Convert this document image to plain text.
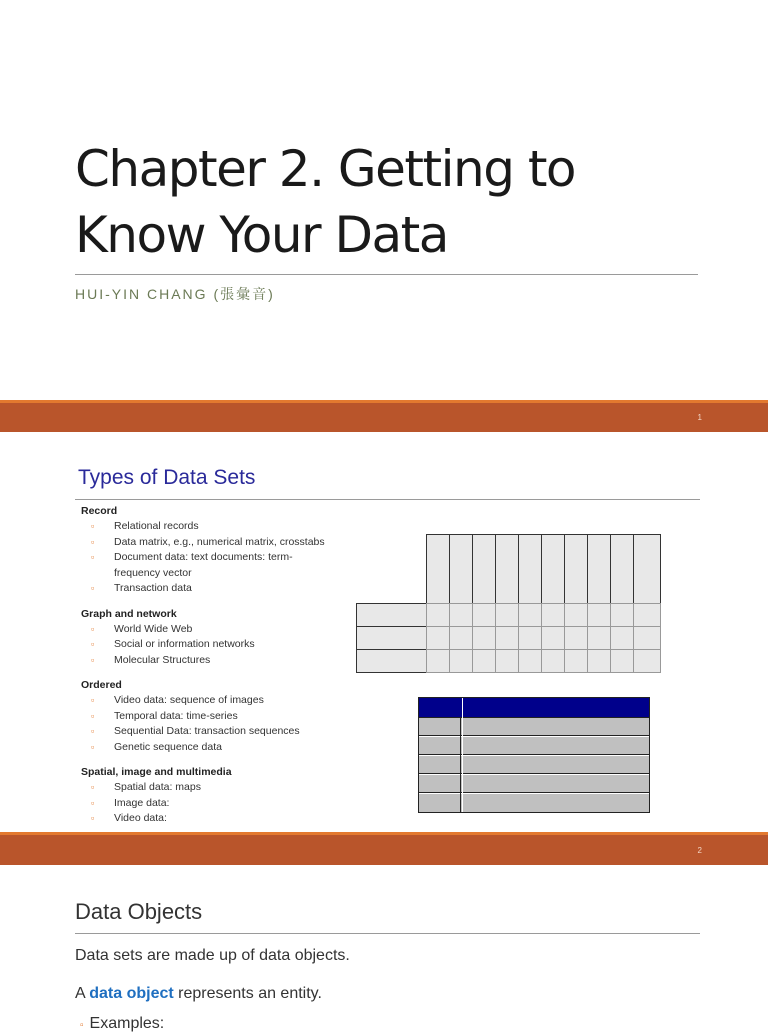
Chapter 2. Getting to
Know Your Data
HUI-YIN CHANG (張彙音)
1
Types of Data Sets
Record
▫ Relational records
▫ Data matrix, e.g., numerical matrix, crosstabs
▫ Document data: text documents: term-
frequency vector
▫ Transaction data
Graph and network
▫ World Wide Web
▫ Social or information networks
▫ Molecular Structures
Ordered
▫ Video data: sequence of images
▫ Temporal data: time-series
▫ Sequential Data: transaction sequences
▫ Genetic sequence data
Spatial, image and multimedia
▫ Spatial data: maps
▫ Image data:
▫ Video data:
2
Data Objects
Data sets are made up of data objects.
A data object represents an entity.
▫ Examples:
